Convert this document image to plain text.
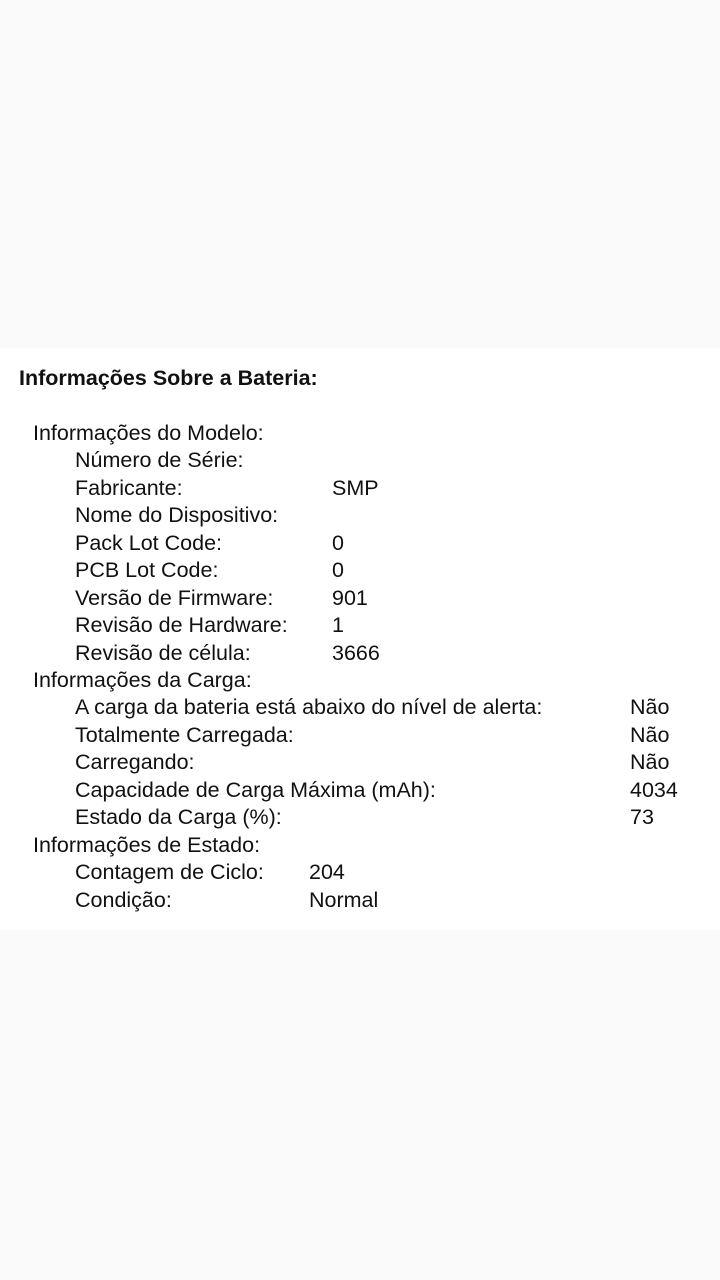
Informações Sobre a Bateria:
Informações do Modelo:
Número de Série:
Fabricante:	SMP
Nome do Dispositivo:
Pack Lot Code:	0
PCB Lot Code:	0
Versão de Firmware:	901
Revisão de Hardware: 1
Revisão de célula:	3666
Informações da Carga:
A carga da bateria está abaixo do nível de alerta:	Não
Totalmente Carregada:	Não
Carregando:	Não
Capacidade de Carga Máxima (mAh):	4034
Estado da Carga (%):	73
Informações de Estado:
Contagem de Ciclo: 204
Condição:	Normal
